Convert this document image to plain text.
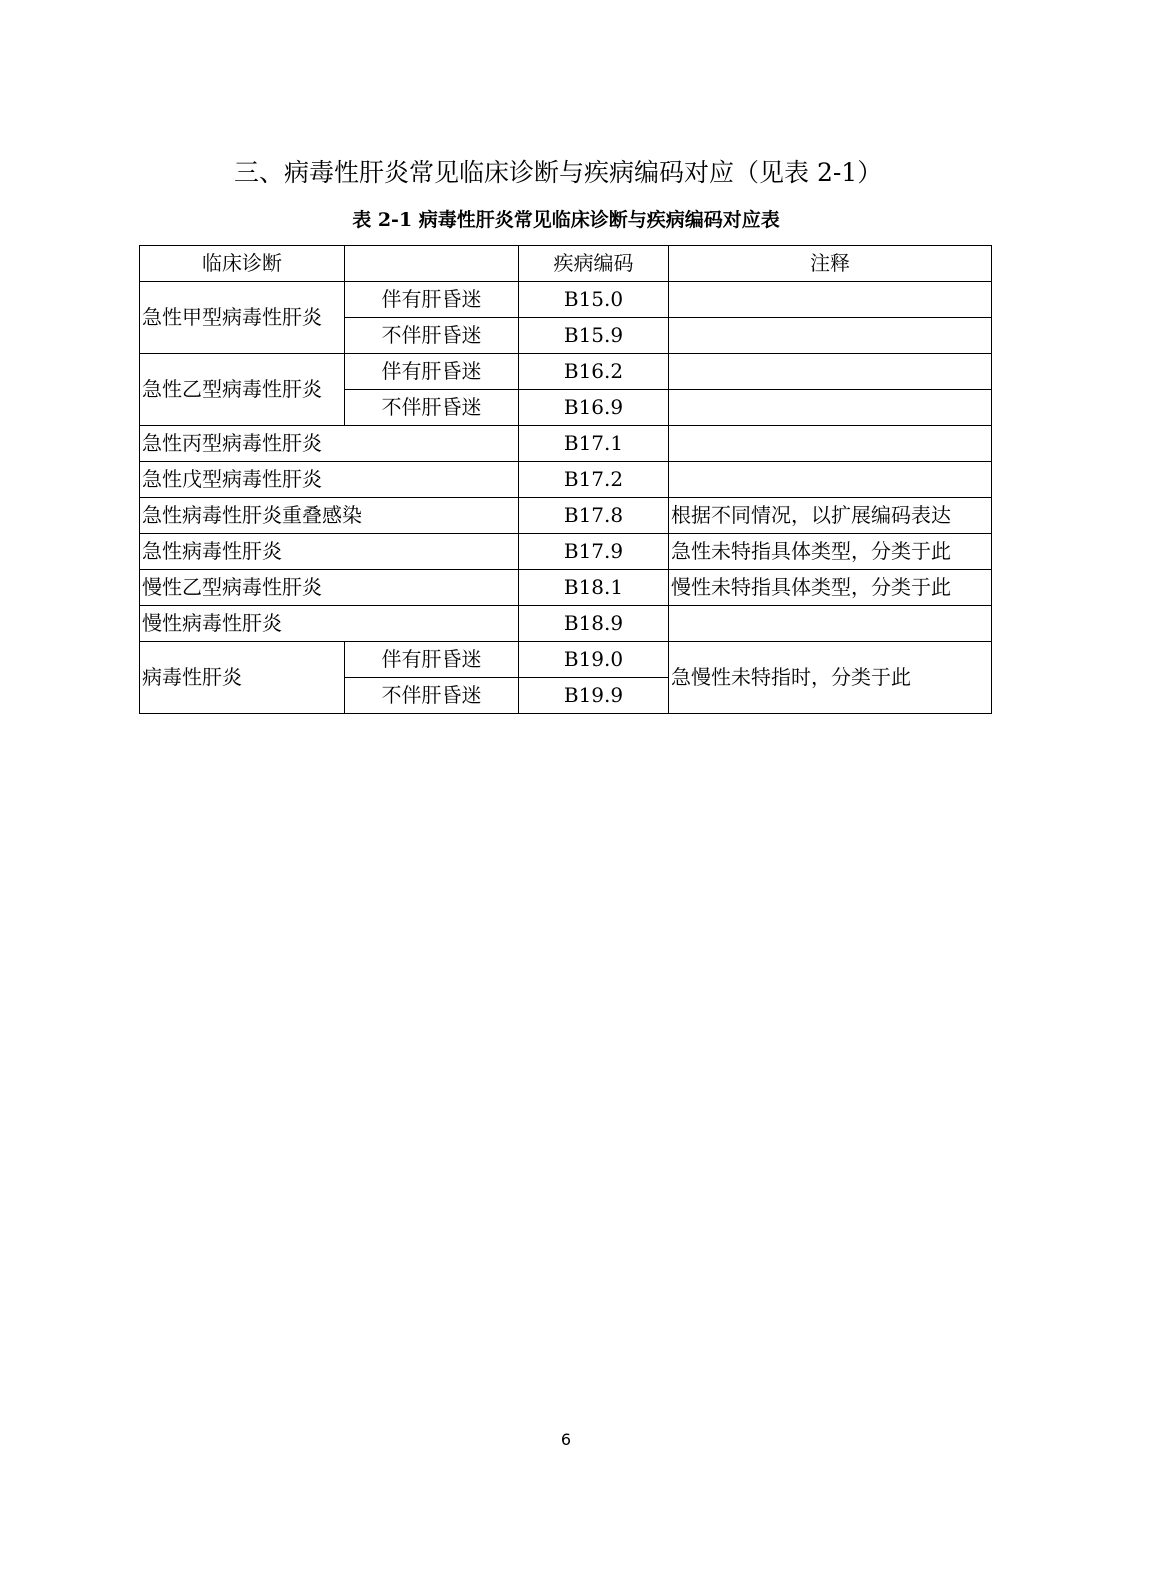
三、病毒性肝炎常见临床诊断与疾病编码对应（见表 2-1）
表 2-1 病毒性肝炎常见临床诊断与疾病编码对应表
临床诊断		疾病编码	注释
急性甲型病毒性肝炎	伴有肝昏迷	B15.0	
	不伴肝昏迷	B15.9	
急性乙型病毒性肝炎	伴有肝昏迷	B16.2	
	不伴肝昏迷	B16.9	
急性丙型病毒性肝炎		B17.1	
急性戊型病毒性肝炎		B17.2	
急性病毒性肝炎重叠感染		B17.8	根据不同情况，以扩展编码表达
急性病毒性肝炎		B17.9	急性未特指具体类型，分类于此
慢性乙型病毒性肝炎		B18.1	慢性未特指具体类型，分类于此
慢性病毒性肝炎		B18.9	
病毒性肝炎	伴有肝昏迷	B19.0	急慢性未特指时，分类于此
	不伴肝昏迷	B19.9	
6
